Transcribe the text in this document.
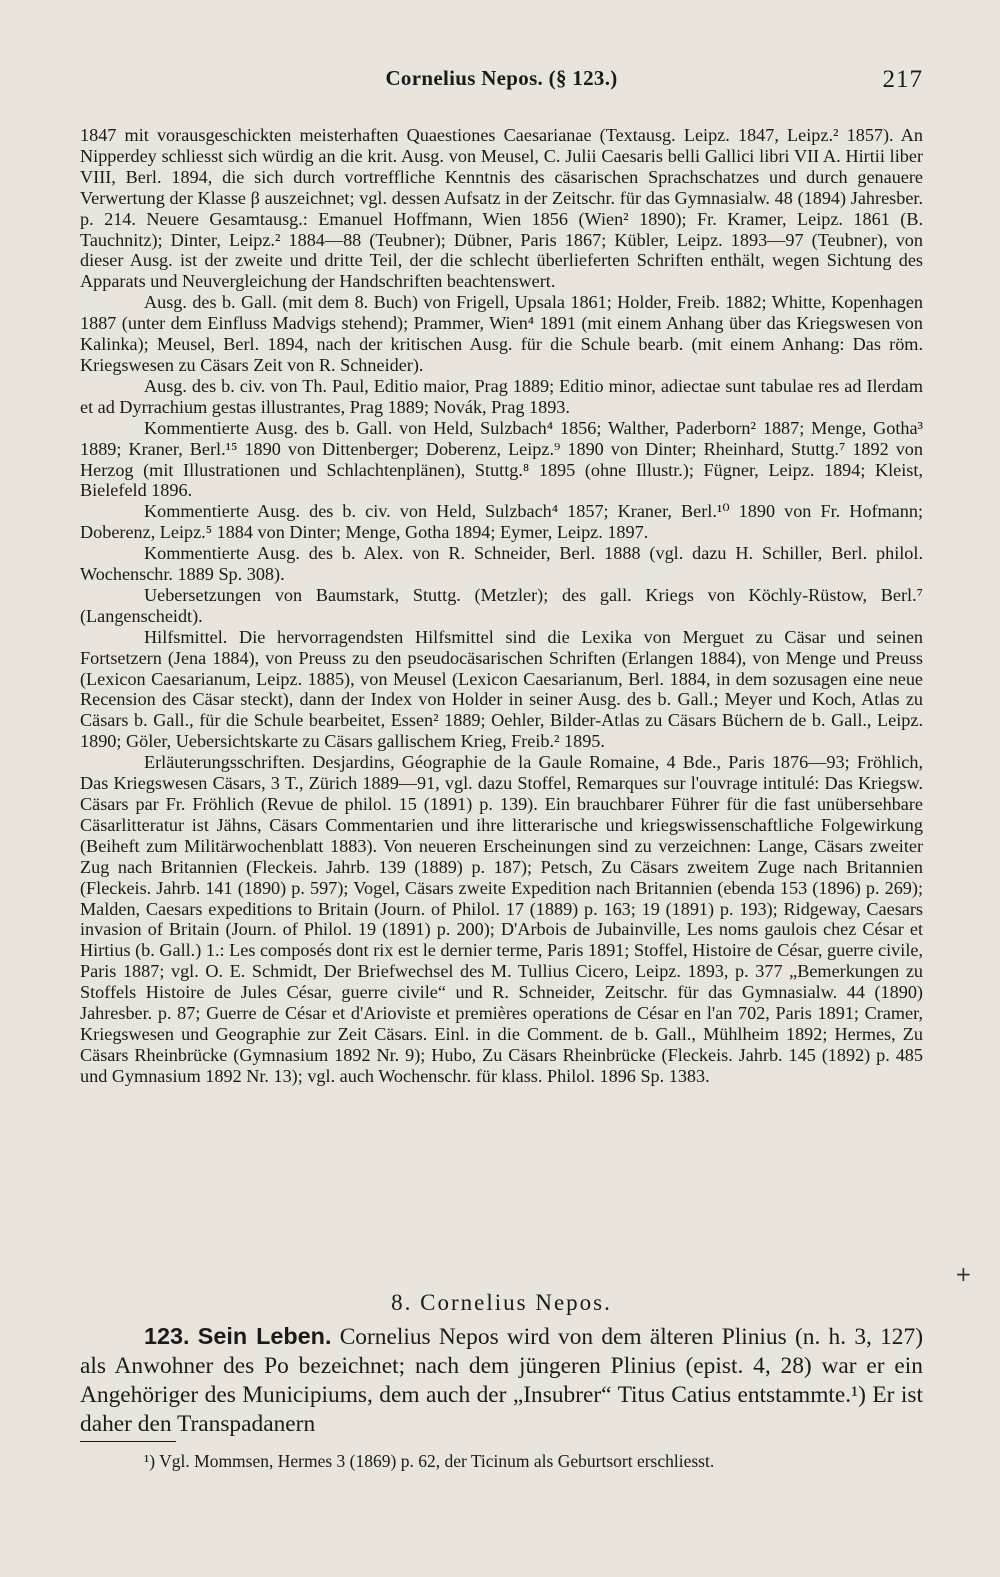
Cornelius Nepos. (§ 123.)	217

1847 mit vorausgeschickten meisterhaften Quaestiones Caesarianae (Textausg. Leipz. 1847, Leipz.² 1857). An Nipperdey schliesst sich würdig an die krit. Ausg. von Meusel, C. Julii Caesaris belli Gallici libri VII A. Hirtii liber VIII, Berl. 1894, die sich durch vortreffliche Kenntnis des cäsarischen Sprachschatzes und durch genauere Verwertung der Klasse β auszeichnet; vgl. dessen Aufsatz in der Zeitschr. für das Gymnasialw. 48 (1894) Jahresber. p. 214. Neuere Gesamtausg.: Emanuel Hoffmann, Wien 1856 (Wien² 1890); Fr. Kramer, Leipz. 1861 (B. Tauchnitz); Dinter, Leipz.² 1884—88 (Teubner); Dübner, Paris 1867; Kübler, Leipz. 1893—97 (Teubner), von dieser Ausg. ist der zweite und dritte Teil, der die schlecht überlieferten Schriften enthält, wegen Sichtung des Apparats und Neuvergleichung der Handschriften beachtenswert.

Ausg. des b. Gall. (mit dem 8. Buch) von Frigell, Upsala 1861; Holder, Freib. 1882; Whitte, Kopenhagen 1887 (unter dem Einfluss Madvigs stehend); Prammer, Wien⁴ 1891 (mit einem Anhang über das Kriegswesen von Kalinka); Meusel, Berl. 1894, nach der kritischen Ausg. für die Schule bearb. (mit einem Anhang: Das röm. Kriegswesen zu Cäsars Zeit von R. Schneider).

Ausg. des b. civ. von Th. Paul, Editio maior, Prag 1889; Editio minor, adiectae sunt tabulae res ad Ilerdam et ad Dyrrachium gestas illustrantes, Prag 1889; Novák, Prag 1893.

Kommentierte Ausg. des b. Gall. von Held, Sulzbach⁴ 1856; Walther, Paderborn² 1887; Menge, Gotha³ 1889; Kraner, Berl.¹⁵ 1890 von Dittenberger; Doberenz, Leipz.⁹ 1890 von Dinter; Rheinhard, Stuttg.⁷ 1892 von Herzog (mit Illustrationen und Schlachtenplänen), Stuttg.⁸ 1895 (ohne Illustr.); Fügner, Leipz. 1894; Kleist, Bielefeld 1896.

Kommentierte Ausg. des b. civ. von Held, Sulzbach⁴ 1857; Kraner, Berl.¹⁰ 1890 von Fr. Hofmann; Doberenz, Leipz.⁵ 1884 von Dinter; Menge, Gotha 1894; Eymer, Leipz. 1897.

Kommentierte Ausg. des b. Alex. von R. Schneider, Berl. 1888 (vgl. dazu H. Schiller, Berl. philol. Wochenschr. 1889 Sp. 308).

Uebersetzungen von Baumstark, Stuttg. (Metzler); des gall. Kriegs von Köchly-Rüstow, Berl.⁷ (Langenscheidt).

Hilfsmittel. Die hervorragendsten Hilfsmittel sind die Lexika von Merguet zu Cäsar und seinen Fortsetzern (Jena 1884), von Preuss zu den pseudocäsarischen Schriften (Erlangen 1884), von Menge und Preuss (Lexicon Caesarianum, Leipz. 1885), von Meusel (Lexicon Caesarianum, Berl. 1884, in dem sozusagen eine neue Recension des Cäsar steckt), dann der Index von Holder in seiner Ausg. des b. Gall.; Meyer und Koch, Atlas zu Cäsars b. Gall., für die Schule bearbeitet, Essen² 1889; Oehler, Bilder-Atlas zu Cäsars Büchern de b. Gall., Leipz. 1890; Göler, Uebersichtskarte zu Cäsars gallischem Krieg, Freib.² 1895.

Erläuterungsschriften. Desjardins, Géographie de la Gaule Romaine, 4 Bde., Paris 1876—93; Fröhlich, Das Kriegswesen Cäsars, 3 T., Zürich 1889—91, vgl. dazu Stoffel, Remarques sur l'ouvrage intitulé: Das Kriegsw. Cäsars par Fr. Fröhlich (Revue de philol. 15 (1891) p. 139). Ein brauchbarer Führer für die fast unübersehbare Cäsarlitteratur ist Jähns, Cäsars Commentarien und ihre litterarische und kriegswissenschaftliche Folgewirkung (Beiheft zum Militärwochenblatt 1883). Von neueren Erscheinungen sind zu verzeichnen: Lange, Cäsars zweiter Zug nach Britannien (Fleckeis. Jahrb. 139 (1889) p. 187); Petsch, Zu Cäsars zweitem Zuge nach Britannien (Fleckeis. Jahrb. 141 (1890) p. 597); Vogel, Cäsars zweite Expedition nach Britannien (ebenda 153 (1896) p. 269); Malden, Caesars expeditions to Britain (Journ. of Philol. 17 (1889) p. 163; 19 (1891) p. 193); Ridgeway, Caesars invasion of Britain (Journ. of Philol. 19 (1891) p. 200); D'Arbois de Jubainville, Les noms gaulois chez César et Hirtius (b. Gall.) 1.: Les composés dont rix est le dernier terme, Paris 1891; Stoffel, Histoire de César, guerre civile, Paris 1887; vgl. O. E. Schmidt, Der Briefwechsel des M. Tullius Cicero, Leipz. 1893, p. 377 „Bemerkungen zu Stoffels Histoire de Jules César, guerre civile“ und R. Schneider, Zeitschr. für das Gymnasialw. 44 (1890) Jahresber. p. 87; Guerre de César et d'Arioviste et premières operations de César en l'an 702, Paris 1891; Cramer, Kriegswesen und Geographie zur Zeit Cäsars. Einl. in die Comment. de b. Gall., Mühlheim 1892; Hermes, Zu Cäsars Rheinbrücke (Gymnasium 1892 Nr. 9); Hubo, Zu Cäsars Rheinbrücke (Fleckeis. Jahrb. 145 (1892) p. 485 und Gymnasium 1892 Nr. 13); vgl. auch Wochenschr. für klass. Philol. 1896 Sp. 1383.

+
8. Cornelius Nepos.

123. Sein Leben. Cornelius Nepos wird von dem älteren Plinius (n. h. 3, 127) als Anwohner des Po bezeichnet; nach dem jüngeren Plinius (epist. 4, 28) war er ein Angehöriger des Municipiums, dem auch der „Insubrer“ Titus Catius entstammte.¹) Er ist daher den Transpadanern

¹) Vgl. Mommsen, Hermes 3 (1869) p. 62, der Ticinum als Geburtsort erschliesst.
